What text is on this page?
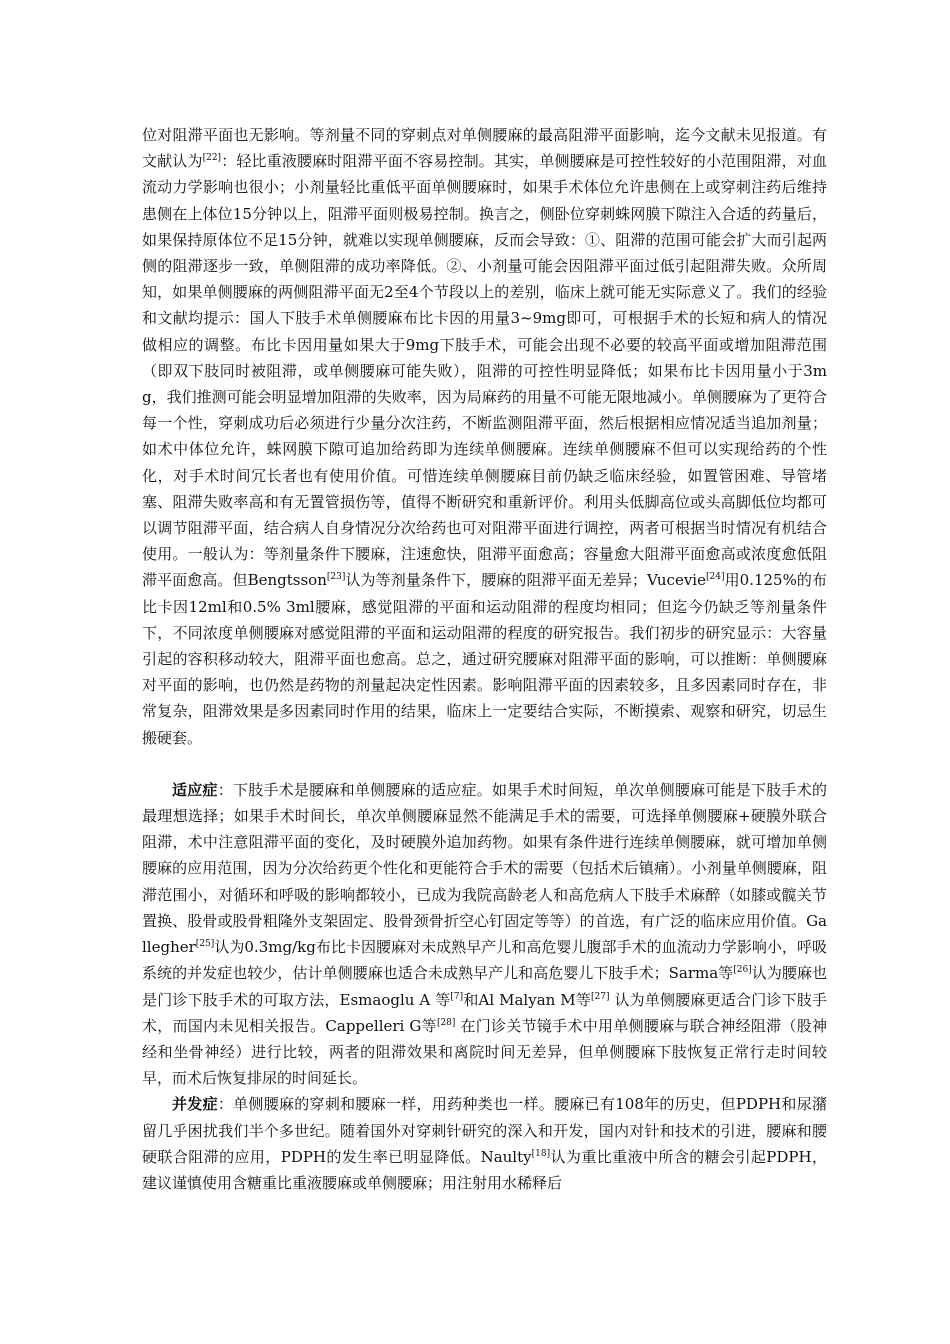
位对阻滞平面也无影响。等剂量不同的穿刺点对单侧腰麻的最高阻滞平面影响，迄今文献未见报道。有文献认为[22]：轻比重液腰麻时阻滞平面不容易控制。其实，单侧腰麻是可控性较好的小范围阻滞，对血流动力学影响也很小；小剂量轻比重低平面单侧腰麻时，如果手术体位允许患侧在上或穿刺注药后维持患侧在上体位15分钟以上，阻滞平面则极易控制。换言之，侧卧位穿刺蛛网膜下隙注入合适的药量后，如果保持原体位不足15分钟，就难以实现单侧腰麻，反而会导致：①、阻滞的范围可能会扩大而引起两侧的阻滞逐步一致，单侧阻滞的成功率降低。②、小剂量可能会因阻滞平面过低引起阻滞失败。众所周知，如果单侧腰麻的两侧阻滞平面无2至4个节段以上的差别，临床上就可能无实际意义了。我们的经验和文献均提示：国人下肢手术单侧腰麻布比卡因的用量3~9mg即可，可根据手术的长短和病人的情况做相应的调整。布比卡因用量如果大于9mg下肢手术，可能会出现不必要的较高平面或增加阻滞范围（即双下肢同时被阻滞，或单侧腰麻可能失败），阻滞的可控性明显降低；如果布比卡因用量小于3mg，我们推测可能会明显增加阻滞的失败率，因为局麻药的用量不可能无限地减小。单侧腰麻为了更符合每一个性，穿刺成功后必须进行少量分次注药，不断监测阻滞平面，然后根据相应情况适当追加剂量；如术中体位允许，蛛网膜下隙可追加给药即为连续单侧腰麻。连续单侧腰麻不但可以实现给药的个性化，对手术时间冗长者也有使用价值。可惜连续单侧腰麻目前仍缺乏临床经验，如置管困难、导管堵塞、阻滞失败率高和有无置管损伤等，值得不断研究和重新评价。利用头低脚高位或头高脚低位均都可以调节阻滞平面，结合病人自身情况分次给药也可对阻滞平面进行调控，两者可根据当时情况有机结合使用。一般认为：等剂量条件下腰麻，注速愈快，阻滞平面愈高；容量愈大阻滞平面愈高或浓度愈低阻滞平面愈高。但Bengtsson[23]认为等剂量条件下，腰麻的阻滞平面无差异；Vucevie[24]用0.125%的布比卡因12ml和0.5% 3ml腰麻，感觉阻滞的平面和运动阻滞的程度均相同；但迄今仍缺乏等剂量条件下，不同浓度单侧腰麻对感觉阻滞的平面和运动阻滞的程度的研究报告。我们初步的研究显示：大容量引起的容积移动较大，阻滞平面也愈高。总之，通过研究腰麻对阻滞平面的影响，可以推断：单侧腰麻对平面的影响，也仍然是药物的剂量起决定性因素。影响阻滞平面的因素较多，且多因素同时存在，非常复杂，阻滞效果是多因素同时作用的结果，临床上一定要结合实际，不断摸索、观察和研究，切忌生搬硬套。

适应症：下肢手术是腰麻和单侧腰麻的适应症。如果手术时间短，单次单侧腰麻可能是下肢手术的最理想选择；如果手术时间长，单次单侧腰麻显然不能满足手术的需要，可选择单侧腰麻+硬膜外联合阻滞，术中注意阻滞平面的变化，及时硬膜外追加药物。如果有条件进行连续单侧腰麻，就可增加单侧腰麻的应用范围，因为分次给药更个性化和更能符合手术的需要（包括术后镇痛）。小剂量单侧腰麻，阻滞范围小，对循环和呼吸的影响都较小，已成为我院高龄老人和高危病人下肢手术麻醉（如膝或髋关节置换、股骨或股骨粗隆外支架固定、股骨颈骨折空心钉固定等等）的首选，有广泛的临床应用价值。Gallegher[25]认为0.3mg/kg布比卡因腰麻对未成熟早产儿和高危婴儿腹部手术的血流动力学影响小，呼吸系统的并发症也较少，估计单侧腰麻也适合未成熟早产儿和高危婴儿下肢手术；Sarma等[26]认为腰麻也是门诊下肢手术的可取方法，Esmaoglu A 等[7]和Al Malyan M等[27] 认为单侧腰麻更适合门诊下肢手术，而国内未见相关报告。Cappelleri G等[28] 在门诊关节镜手术中用单侧腰麻与联合神经阻滞（股神经和坐骨神经）进行比较，两者的阻滞效果和离院时间无差异，但单侧腰麻下肢恢复正常行走时间较早，而术后恢复排尿的时间延长。

并发症：单侧腰麻的穿刺和腰麻一样，用药种类也一样。腰麻已有108年的历史，但PDPH和尿潴留几乎困扰我们半个多世纪。随着国外对穿刺针研究的深入和开发，国内对针和技术的引进，腰麻和腰硬联合阻滞的应用，PDPH的发生率已明显降低。Naulty[18]认为重比重液中所含的糖会引起PDPH，建议谨慎使用含糖重比重液腰麻或单侧腰麻；用注射用水稀释后
